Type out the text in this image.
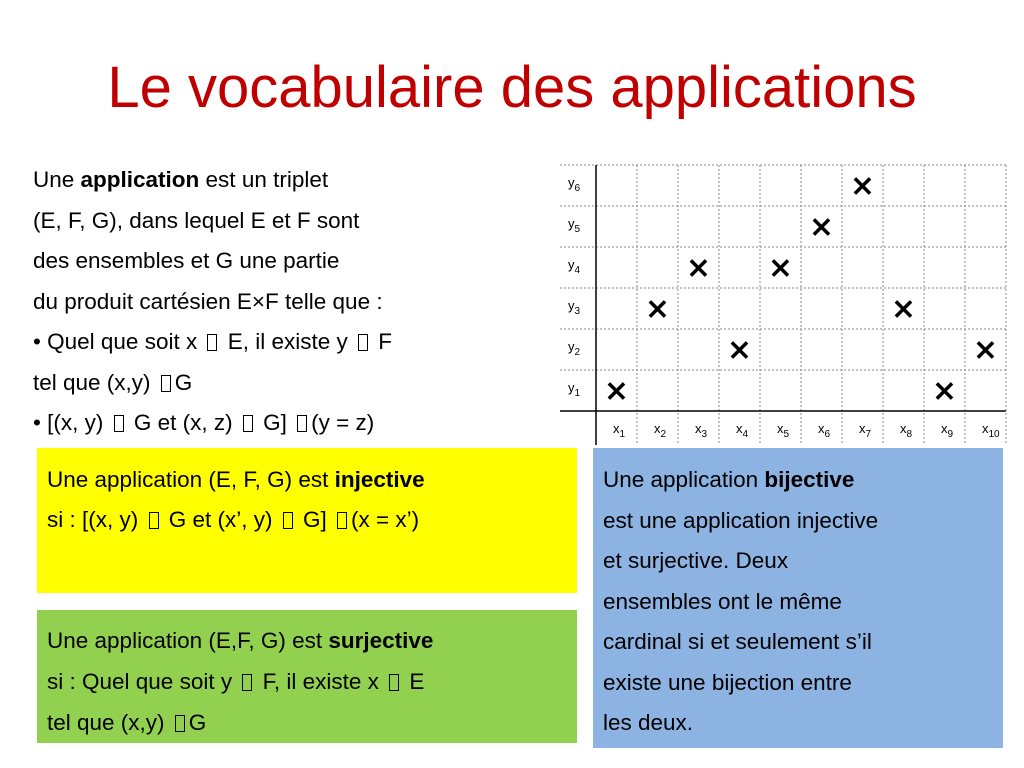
Le vocabulaire des applications
Une application est un triplet
(E, F, G), dans lequel E et F sont
des ensembles et G une partie
du produit cartésien E×F telle que :
• Quel que soit x  E, il existe y  F
tel que (x,y) G
• [(x, y)  G et (x, z)  G] (y = z)
$y_1$
$y_2$
$y_3$
$y_4$
$y_5$
$y_6$
$x_1$ $x_2$ $x_3$ $x_4$ $x_5$ $x_6$ $x_7$ $x_8$ $x_9$ $x_{10}$
×
×
×
×
×
×
×
×
×
×
Une application (E, F, G) est injective
si : [(x, y)  G et (x’, y)  G] (x = x’)
Une application (E,F, G) est surjective
si : Quel que soit y  F, il existe x  E
tel que (x,y) G
Une application bijective
est une application injective
et surjective. Deux
ensembles ont le même
cardinal si et seulement s’il
existe une bijection entre
les deux.
